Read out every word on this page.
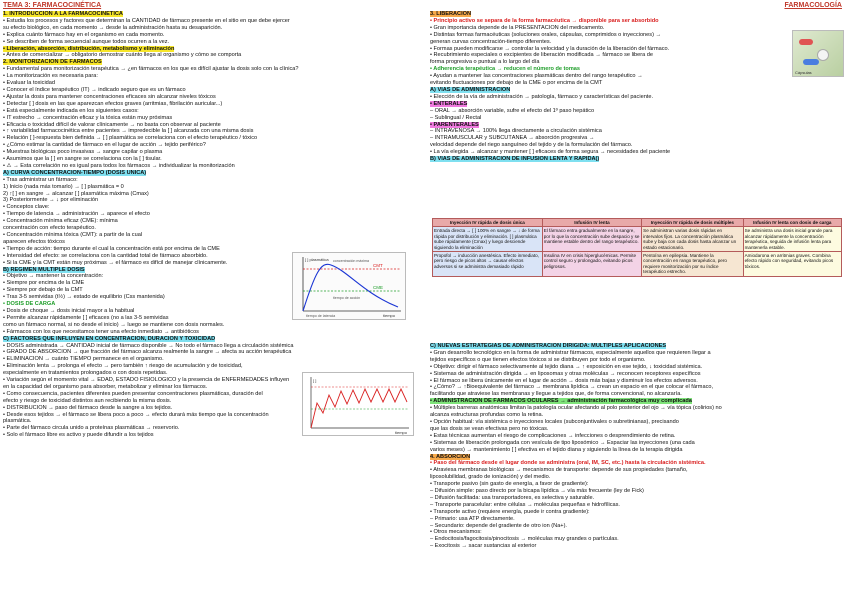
TEMA 3: FARMACOCINÉTICA	FARMACOLOGÍA
1. INTRODUCCIÓN A LA FARMACOCINÉTICA
• Estudia los procesos y factores que determinan la CANTIDAD de fármaco presente en el sitio en que debe ejercer
su efecto biológico, en cada momento → desde la administración hasta su desaparición.
• Explica cuánto fármaco hay en el organismo en cada momento.
• Se describen de forma secuencial aunque todos ocurren a la vez.
• Liberación, absorción, distribución, metabolismo y eliminación
• Antes de comercializar → obligatorio demostrar cuánto llega al organismo y cómo se comporta
2. MONITORIZACIÓN DE FÁRMACOS
• Fundamental para monitorización terapéutica → ¿en fármacos en los que es difícil ajustar la dosis solo con la clínica?
• La monitorización es necesaria para:
• Evaluar la toxicidad
• Conocer el índice terapéutico (IT) → indicado seguro que es un fármaco
• Ajustar la dosis para mantener concentraciones eficaces sin alcanzar niveles tóxicos
• Detectar [ ] dosis en las que aparezcan efectos graves (arritmias, fibrilación auricular...)
• Está especialmente indicada en los siguientes casos:
• IT estrecho → concentración eficaz y la tóxica están muy próximas
• Eficacia o toxicidad difícil de valorar clínicamente → no basta con observar al paciente
• ↑ variabilidad farmacocinética entre pacientes → impredecible la [ ] alcanzada con una misma dosis
• Relación [ ]-respuesta bien definida → [ ] plasmática se correlaciona con el efecto terapéutico / tóxico
• ¿Cómo estimar la cantidad de fármaco en el lugar de acción → tejido periférico?
• Muestras biológicas poco invasivas → sangre capilar o plasma
• Asumimos que la [ ] en sangre se correlaciona con la [ ] tisular.
• ⚠ → Esta correlación no es igual para todos los fármacos → individualizar la monitorización
A) CURVA CONCENTRACIÓN-TIEMPO (DOSIS ÚNICA)
• Tras administrar un fármaco:
1) Inicio (nada más tomarlo) → [ ] plasmática = 0
2) ↑[ ] en sangre → alcanzar [ ] plasmática máxima (Cmax)
3) Posteriormente → ↓ por eliminación
• Conceptos clave:
• Tiempo de latencia → administración → aparece el efecto
• Concentración mínima eficaz (CME): mínima
concentración con efecto terapéutico.
• Concentración mínima tóxica (CMT): a partir de la cual
aparecen efectos tóxicos
• Tiempo de acción: tiempo durante el cual la concentración está por encima de la CME
• Intensidad del efecto: se correlaciona con la cantidad total de fármaco absorbido.
• Si la CME y la CMT están muy próximas → el fármaco es difícil de manejar clínicamente.
B) RÉGIMEN MÚLTIPLE DOSIS
• Objetivo → mantener la concentración:
• Siempre por encima de la CME
• Siempre por debajo de la CMT
• Tras 3-5 semividas (t½) → estado de equilibrio (Css mantenida)
• DOSIS DE CARGA
• Dosis de choque → dosis inicial mayor a la habitual
• Permite alcanzar rápidamente [ ] eficaces (no a las 3-5 semividas
como un fármaco normal, si no desde el inicio) → luego se mantiene con dosis normales.
• Fármacos con los que necesitamos tener una efecto inmediato → antibióticos
C) FACTORES QUE INFLUYEN EN CONCENTRACIÓN, DURACIÓN Y TOXICIDAD
• DOSIS administrada → CANTIDAD inicial de fármaco disponible → No todo el fármaco llega a circulación sistémica
• GRADO DE ABSORCIÓN → que fracción del fármaco alcanza realmente la sangre → afecta su acción terapéutica
• ELIMINACIÓN → cuánto TIEMPO permanece en el organismo.
• Eliminación lenta → prolonga el efecto → pero también ↑ riesgo de acumulación y de toxicidad,
especialmente en tratamientos prolongados o con dosis repetidas.
• Variación según el momento vital → EDAD, ESTADO FISIOLÓGICO y la presencia de ENFERMEDADES influyen
en la capacidad del organismo para absorber, metabolizar y eliminar los fármacos.
• Como consecuencia, pacientes diferentes pueden presentar concentraciones plasmáticas, duración del
efecto y riesgo de toxicidad distintos aun recibiendo la misma dosis.
• DISTRIBUCIÓN → paso del fármaco desde la sangre a los tejidos.
• Desde esos tejidos → el fármaco se libera poco a poco → efecto durará más tiempo que la concentración
plasmática.
• Parte del fármaco circula unido a proteínas plasmáticas → reservorio.
• Solo el fármaco libre es activo y puede difundir a los tejidos
3. LIBERACIÓN
• Principio activo se separa de la forma farmacéutica → disponible para ser absorbido
• Gran importancia depende de la PRESENTACIÓN del medicamento.
• Distintas formas farmacéuticas (soluciones orales, cápsulas, comprimidos o inyecciones) →
generan curvas concentración-tiempo diferentes.
• Formas pueden modificarse → controlar la velocidad y la duración de la liberación del fármaco.
• Recubrimiento especiales o excipientes de liberación modificada → fármaco se libera de
forma progresiva o puntual a lo largo del día
• Adherencia terapéutica → reducen el número de tomas
• Ayudan a mantener las concentraciones plasmáticas dentro del rango terapéutico →
evitando fluctuaciones por debajo de la CME o por encima de la CMT
A) VÍAS DE ADMINISTRACIÓN
• Elección de la vía de administración → patología, fármaco y características del paciente.
• ENTERALES
‒ ORAL → absorción variable, sufre el efecto del 1º paso hepático
‒ Sublingual / Rectal
• PARENTERALES
‒ INTRAVENOSA → 100% llega directamente a circulación sistémica
‒ INTRAMUSCULAR y SUBCUTÁNEA → absorción progresiva →
velocidad depende del riego sanguíneo del tejido y de la formulación del fármaco.
• La vía elegida → alcanzar y mantener [ ] eficaces de forma segura → necesidades del paciente
B) VÍAS DE ADMINISTRACIÓN DE INFUSIÓN LENTA Y RÁPIDA()
C) NUEVAS ESTRATEGIAS DE ADMINISTRACIÓN DIRIGIDA: MÚLTIPLES APLICACIONES
• Gran desarrollo tecnológico en la forma de administrar fármacos, especialmente aquellos que requieren llegar a
tejidos específicos o que tienen efectos tóxicos si se distribuyen por todo el organismo.
• Objetivo: dirigir el fármaco selectivamente al tejido diana → ↑ exposición en ese tejido, ↓ toxicidad sistémica.
• Sistemas de administración dirigida → en liposomas y otras moléculas → reconocen receptores específicos
• El fármaco se libera únicamente en el lugar de acción → dosis más bajas y disminuir los efectos adversos.
• ¿Cómo? → ↑Bioequivalente del fármaco → membrana lipídica → crean un espacio en el que colocar el fármaco,
facilitando que atraviese las membranas y llegue a tejidos que, de forma convencional, no alcanzaría.
• ADMINISTRACIÓN DE FÁRMACOS OCULARES → administración farmacológica muy complicada
• Múltiples barreras anatómicas limitan la patología ocular afectando al polo posterior del ojo → vía tópica (colirios) no
alcanza estructuras profundas como la retina.
• Opción habitual: vía sistémica o inyecciones locales (subconjuntivales o subretinianas), precisando
que las dosis se vean efectivas pero no tóxicas.
• Estas técnicas aumentan el riesgo de complicaciones → infecciones o desprendimiento de retina.
• Sistemas de liberación prolongada con vesícula de tipo liposómico → Espaciar las inyecciones (una cada
varios meses) → mantenimiento [ ] efectiva en el tejido diana y siguiendo la línea de la terapia dirigida
4. ABSORCIÓN
• Paso del fármaco desde el lugar donde se administra (oral, IM, SC, etc.) hasta la circulación sistémica.
• Atraviesa membranas biológicas → mecanismos de transporte: depende de sus propiedades (tamaño,
liposolubilidad, grado de ionización) y del medio.
• Transporte pasivo (sin gasto de energía, a favor de gradiente):
‒ Difusión simple: paso directo por la bicapa lipídica → vía más frecuente (ley de Fick)
‒ Difusión facilitada: usa transportadores, es selectiva y saturable.
‒ Transporte paracelular: entre células → moléculas pequeñas e hidrofílicas.
• Transporte activo (requiere energía, puede ir contra gradiente):
‒ Primario: usa ATP directamente.
‒ Secundario: depende del gradiente de otro ion (Na+).
• Otros mecanismos:
‒ Endocitosis/fagocitosis/pinocitosis → moléculas muy grandes o partículas.
‒ Exocitosis → sacar sustancias al exterior
CMT
CME
[ ] plasmática
tiempo
tiempo de latencia
tiempo de acción
concentración máxima
[ ]
tiempo
Cápsulas
Inyección IV rápida de dosis única	Infusión IV lenta	Inyección IV rápida de dosis múltiples	Infusión IV lenta con dosis de carga
Entrada directa → [ ] 100% en sangre → ↓ de forma rápida por distribución y eliminación. [ ] plasmática sube rápidamente (Cmax) y luego desciende siguiendo la eliminación	El fármaco entra gradualmente en la sangre, por lo que la concentración sube despacio y se mantiene estable dentro del rango terapéutico.	Se administran varias dosis rápidas en intervalos fijos. La concentración plasmática sube y baja con cada dosis hasta alcanzar un estado estacionario.	Se administra una dosis inicial grande para alcanzar rápidamente la concentración terapéutica, seguida de infusión lenta para mantenerla estable.
Propofol → inducción anestésica. Efecto inmediato, pero riesgo de picos altos → causar efectos adversos si se administra demasiado rápido	Insulina IV en crisis hiperglucémicas. Permite control seguro y prolongado, evitando picos peligrosos.	Pentoína en epilepsia. Mantiene la concentración en rango terapéutico, pero requiere monitorización por su índice terapéutico estrecho.	Amiodarona en arritmias graves. Combina efecto rápido con seguridad, evitando picos tóxicos.
